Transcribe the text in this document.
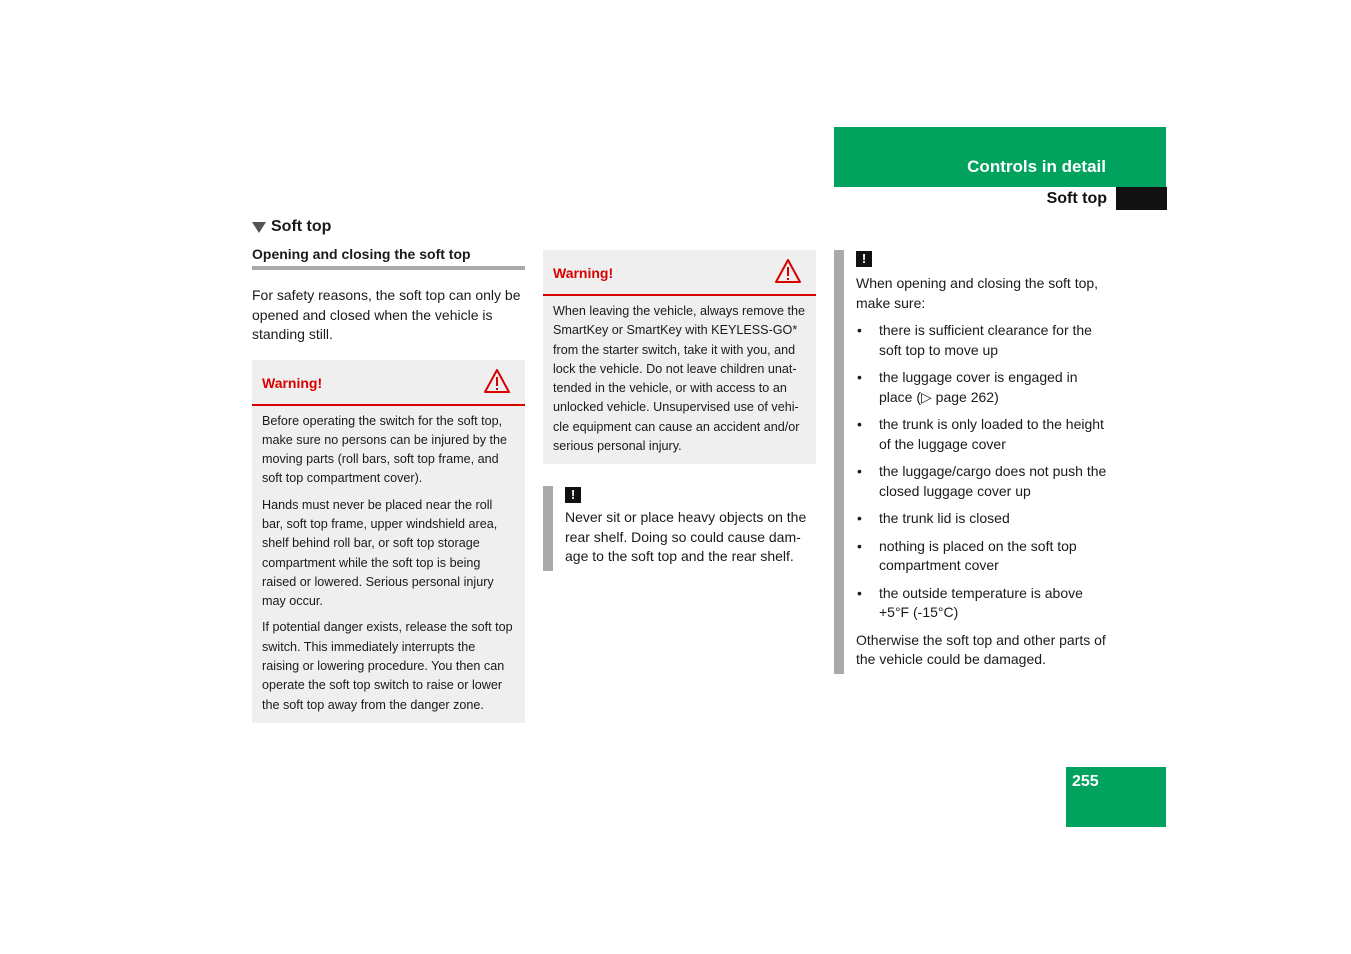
Controls in detail
Soft top
Soft top
Opening and closing the soft top

For safety reasons, the soft top can only be opened and closed when the vehicle is standing still.

Warning!

Before operating the switch for the soft top, make sure no persons can be injured by the moving parts (roll bars, soft top frame, and soft top compartment cover).

Hands must never be placed near the roll bar, soft top frame, upper windshield area, shelf behind roll bar, or soft top storage compartment while the soft top is being raised or lowered. Serious personal injury may occur.

If potential danger exists, release the soft top switch. This immediately interrupts the raising or lowering procedure. You then can operate the soft top switch to raise or lower the soft top away from the danger zone.

Warning!

When leaving the vehicle, always remove the SmartKey or SmartKey with KEYLESS-GO* from the starter switch, take it with you, and lock the vehicle. Do not leave children unat-tended in the vehicle, or with access to an unlocked vehicle. Unsupervised use of vehi-cle equipment can cause an accident and/or serious personal injury.

!

Never sit or place heavy objects on the rear shelf. Doing so could cause dam-age to the soft top and the rear shelf.

!

When opening and closing the soft top, make sure:

• there is sufficient clearance for the soft top to move up
• the luggage cover is engaged in place (▷ page 262)
• the trunk is only loaded to the height of the luggage cover
• the luggage/cargo does not push the closed luggage cover up
• the trunk lid is closed
• nothing is placed on the soft top compartment cover
• the outside temperature is above +5°F (-15°C)

Otherwise the soft top and other parts of the vehicle could be damaged.

255
